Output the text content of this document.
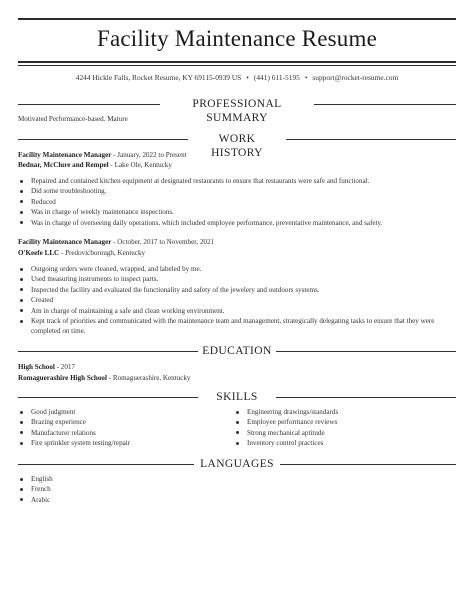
Facility Maintenance Resume
4244 Hickle Falls, Rocket Resume, KY 69115-0939 US • (441) 611-5195 • support@rocket-resume.com
PROFESSIONAL SUMMARY
Motivated Performance-based. Mature
WORK HISTORY
Facility Maintenance Manager - January, 2022 to Present
Bednar, McClure and Rempel - Lake Ole, Kentucky
Repaired and contained kitchen equipment at designated restaurants to ensure that restaurants were safe and functional.
Did some troubleshooting.
Reduced
Was in charge of weekly maintenance inspections.
Was in charge of overseeing daily operations, which included employee performance, preventative maintenance, and safety.
Facility Maintenance Manager - October, 2017 to November, 2021
O'Keefe LLC - Predovicborough, Kentucky
Outgoing orders were cleaned, wrapped, and labeled by me.
Used measuring instruments to inspect parts.
Inspected the facility and evaluated the functionality and safety of the jewelery and outdoors systems.
Created
Am in charge of maintaining a safe and clean working environment.
Kept track of priorities and communicated with the maintenance team and management, strategically delegating tasks to ensure that they were completed on time.
EDUCATION
High School - 2017
Romaguerashire High School - Romaguerashire, Kentucky
SKILLS
Good judgment
Brazing experience
Manufacturer relations
Fire sprinkler system testing/repair
Engineering drawings/standards
Employee performance reviews
Strong mechanical aptitude
Inventory control practices
LANGUAGES
English
French
Arabic
